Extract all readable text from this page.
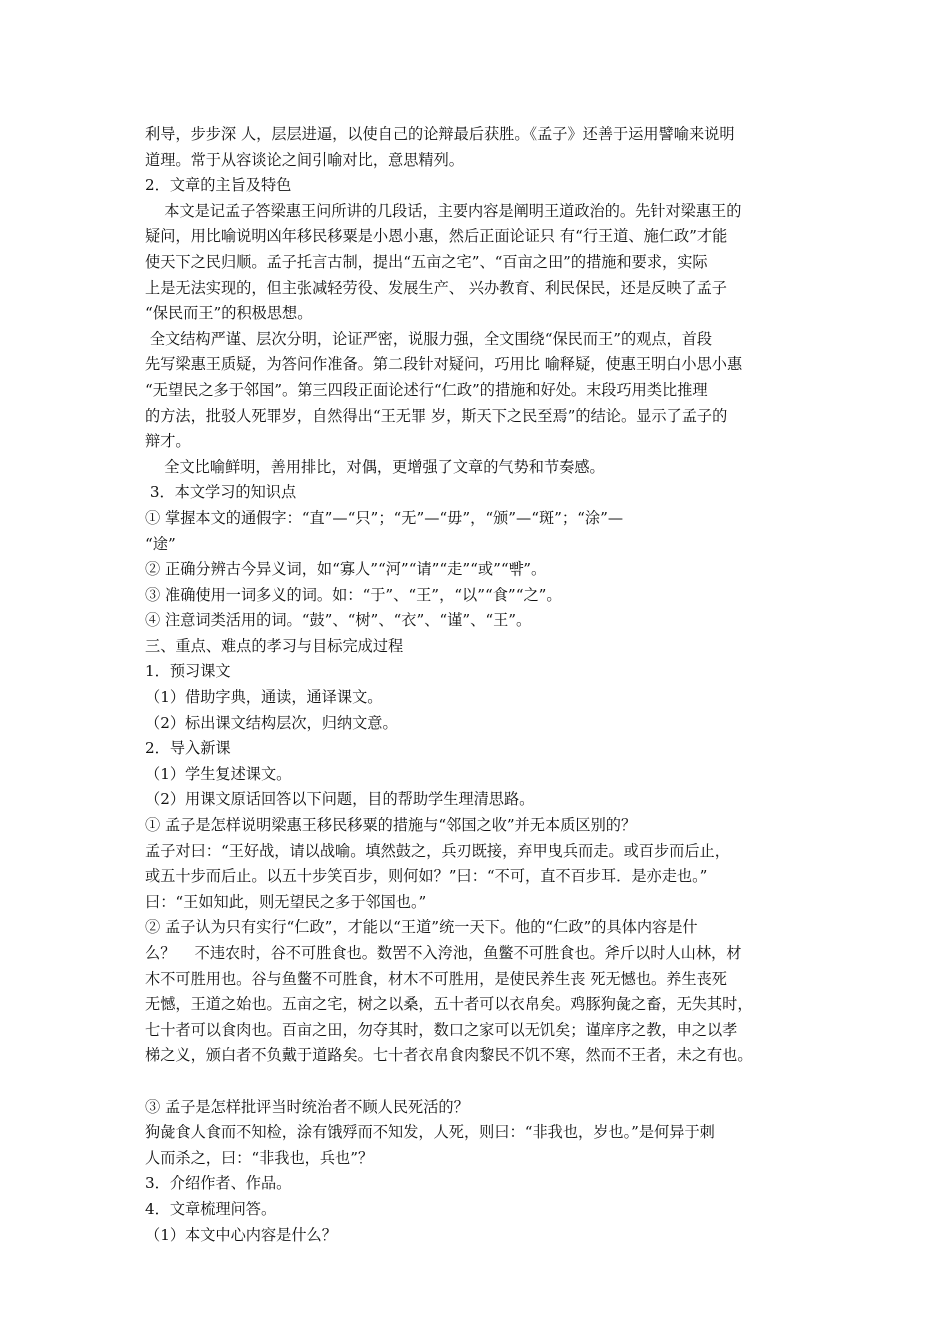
利导，步步深 人，层层进逼，以使自己的论辩最后获胜。《孟子》还善于运用譬喻来说明
道理。常于从容谈论之间引喻对比，意思精列。
2．文章的主旨及特色
本文是记孟子答梁惠王问所讲的几段话，主要内容是阐明王道政治的。先针对梁惠王的
疑问，用比喻说明凶年移民移粟是小恩小惠，然后正面论证只 有“行王道、施仁政”才能
使天下之民归顺。孟子托言古制，提出“五亩之宅”、“百亩之田”的措施和要求，实际
上是无法实现的，但主张减轻劳役、发展生产、 兴办教育、利民保民，还是反映了孟子
“保民而王”的积极思想。
全文结构严谨、层次分明，论证严密，说服力强，全文围绕“保民而王”的观点，首段
先写梁惠王质疑，为答问作准备。第二段针对疑问，巧用比 喻释疑，使惠王明白小思小惠
“无望民之多于邻国”。第三四段正面论述行“仁政”的措施和好处。末段巧用类比推理
的方法，批驳人死罪岁，自然得出“王无罪 岁，斯天下之民至焉”的结论。显示了孟子的
辩才。
全文比喻鲜明，善用排比，对偶，更增强了文章的气势和节奏感。
3．本文学习的知识点
① 掌握本文的通假字：“直”—“只”；“无”—“毋”，“颁”—“斑”；“涂”—
“途”
② 正确分辨古今异义词，如“寡人”“河”“请”“走”“或”“뺚”。
③ 准确使用一词多义的词。如：“于”、“王”，“以”“食”“之”。
④ 注意词类活用的词。“鼓”、“树”、“衣”、“谨”、“王”。
三、重点、难点的孝习与目标完成过程
1．预习课文
（1）借助字典，通读，通译课文。
（2）标出课文结构层次，归纳文意。
2．导入新课
（1）学生复述课文。
（2）用课文原话回答以下问题，目的帮助学生理清思路。
① 孟子是怎样说明梁惠王移民移粟的措施与“邻国之收”并无本质区别的？
孟子对曰：“王好战，请以战喻。填然鼓之，兵刃既接，弃甲曳兵而走。或百步而后止，
或五十步而后止。以五十步笑百步，则何如？”曰：“不可，直不百步耳．是亦走也。”
曰：“王如知此，则无望民之多于邻国也。”
② 孟子认为只有实行“仁政”，才能以“王道”统一天下。他的“仁政”的具体内容是什
么？    不违农时，谷不可胜食也。数罟不入洿池，鱼鳖不可胜食也。斧斤以时人山林，材
木不可胜用也。谷与鱼鳖不可胜食，材木不可胜用，是使民养生丧 死无憾也。养生丧死
无憾，王道之始也。五亩之宅，树之以桑，五十者可以衣帛矣。鸡豚狗彘之畜，无失其时，
七十者可以食肉也。百亩之田，勿夺其时，数口之家可以无饥矣；谨庠序之教，申之以孝
梯之义，颁白者不负戴于道路矣。七十者衣帛食肉黎民不饥不寒，然而不王者，未之有也。
③ 孟子是怎样批评当时统治者不顾人民死活的？
狗彘食人食而不知检，涂有饿殍而不知发，人死，则曰：“非我也，岁也。”是何异于刺
人而杀之，曰：“非我也，兵也”？
3．介绍作者、作品。
4．文章梳理问答。
（1）本文中心内容是什么？
